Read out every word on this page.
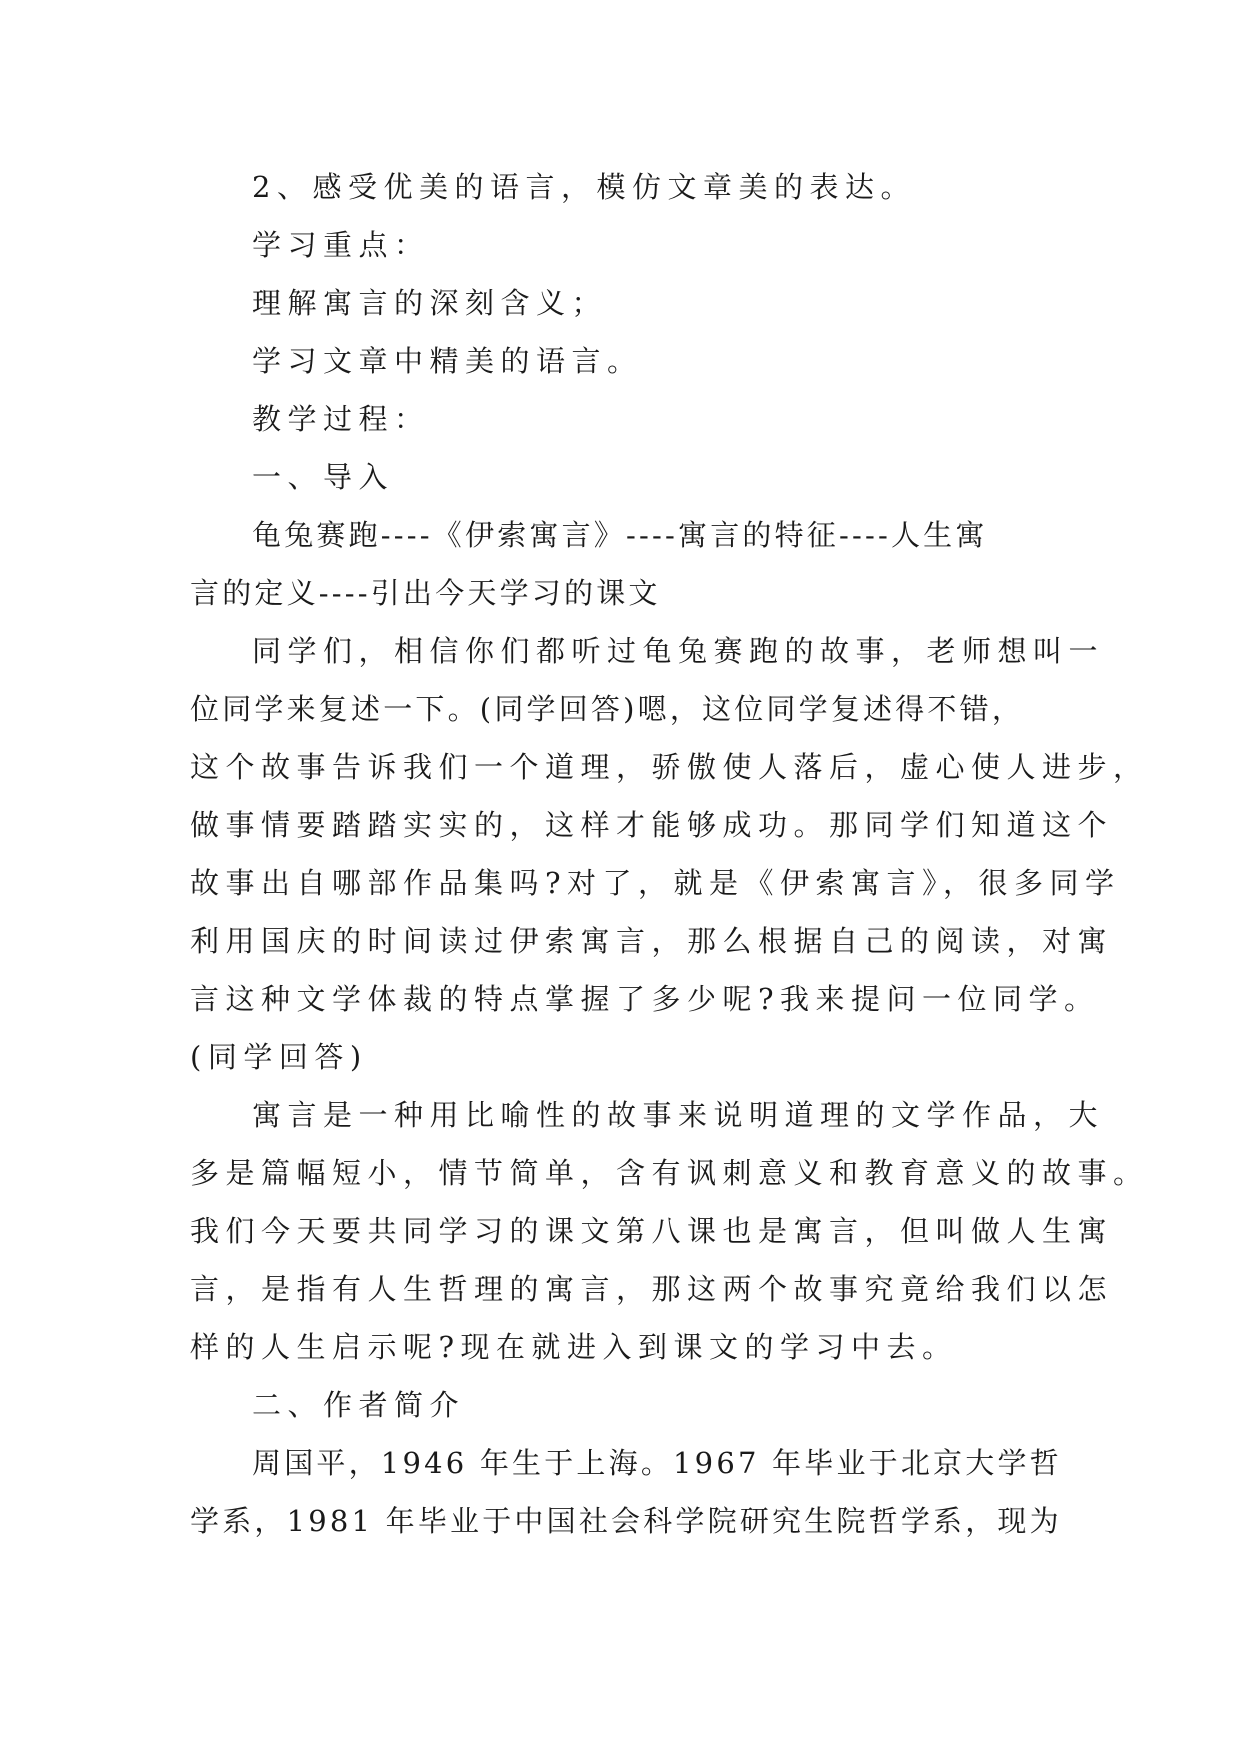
2、感受优美的语言，模仿文章美的表达。
学习重点：
理解寓言的深刻含义；
学习文章中精美的语言。
教学过程：
一、导入
龟兔赛跑----《伊索寓言》----寓言的特征----人生寓
言的定义----引出今天学习的课文
同学们，相信你们都听过龟兔赛跑的故事，老师想叫一
位同学来复述一下。(同学回答)嗯，这位同学复述得不错，
这个故事告诉我们一个道理，骄傲使人落后，虚心使人进步，
做事情要踏踏实实的，这样才能够成功。那同学们知道这个
故事出自哪部作品集吗?对了，就是《伊索寓言》，很多同学
利用国庆的时间读过伊索寓言，那么根据自己的阅读，对寓
言这种文学体裁的特点掌握了多少呢?我来提问一位同学。
(同学回答)
寓言是一种用比喻性的故事来说明道理的文学作品，大
多是篇幅短小，情节简单，含有讽刺意义和教育意义的故事。
我们今天要共同学习的课文第八课也是寓言，但叫做人生寓
言，是指有人生哲理的寓言，那这两个故事究竟给我们以怎
样的人生启示呢?现在就进入到课文的学习中去。
二、作者简介
周国平，1946 年生于上海。1967 年毕业于北京大学哲
学系，1981 年毕业于中国社会科学院研究生院哲学系，现为
